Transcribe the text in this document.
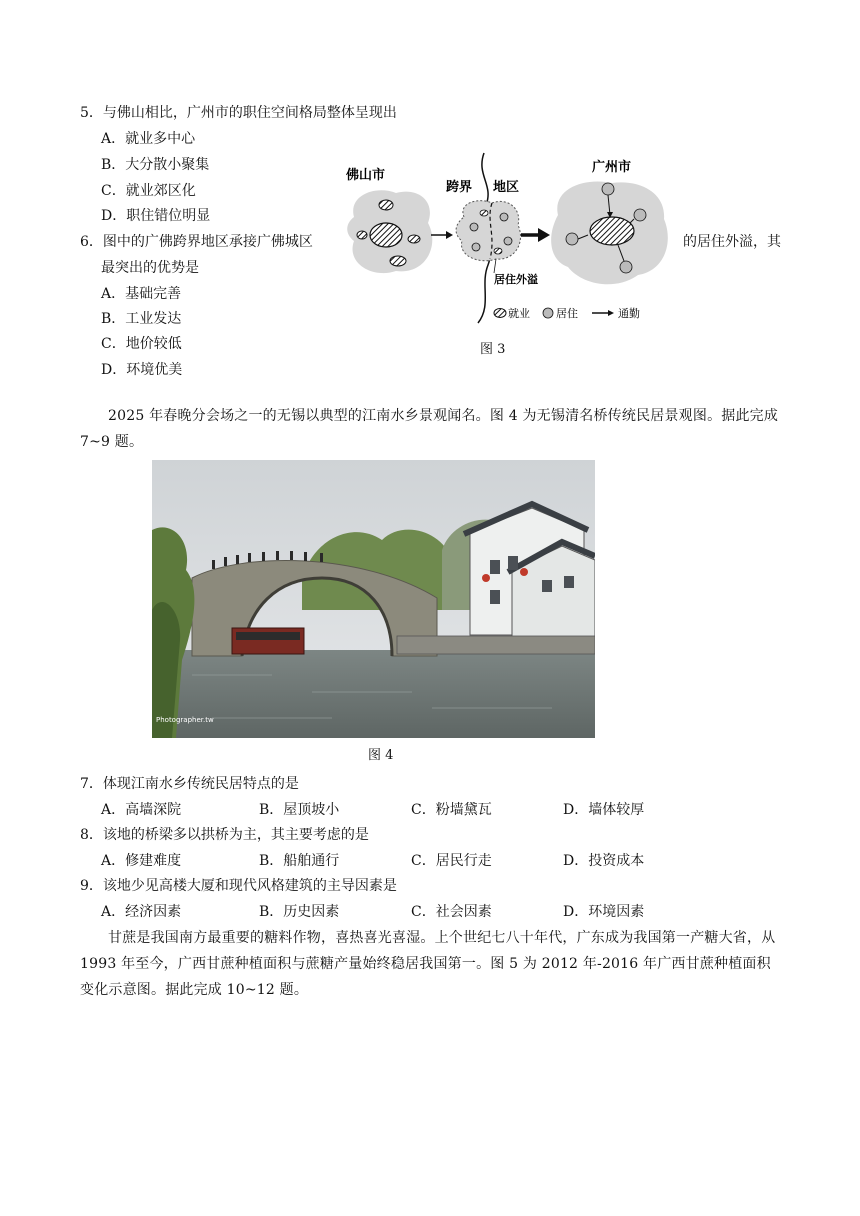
5．与佛山相比，广州市的职住空间格局整体呈现出
A．就业多中心
B．大分散小聚集
C．就业郊区化
D．职住错位明显
6．图中的广佛跨界地区承接广佛城区	的居住外溢，其
最突出的优势是
A．基础完善
B．工业发达
C．地价较低
D．环境优美
佛山市
跨界 地区
居住外溢
广州市
就业 居住	通勤
图 3
2025 年春晚分会场之一的无锡以典型的江南水乡景观闻名。图 4 为无锡清名桥传统民居景观图。据此完成 7~9 题。
Photographer.tw
图 4
7．体现江南水乡传统民居特点的是
A．高墙深院	B．屋顶坡小	C．粉墙黛瓦	D．墙体较厚
8．该地的桥梁多以拱桥为主，其主要考虑的是
A．修建难度	B．船舶通行	C．居民行走	D．投资成本
9．该地少见高楼大厦和现代风格建筑的主导因素是
A．经济因素	B．历史因素	C．社会因素	D．环境因素
甘蔗是我国南方最重要的糖料作物，喜热喜光喜湿。上个世纪七八十年代，广东成为我国第一产糖大省，从 1993 年至今，广西甘蔗种植面积与蔗糖产量始终稳居我国第一。图 5 为 2012 年-2016 年广西甘蔗种植面积变化示意图。据此完成 10~12 题。
